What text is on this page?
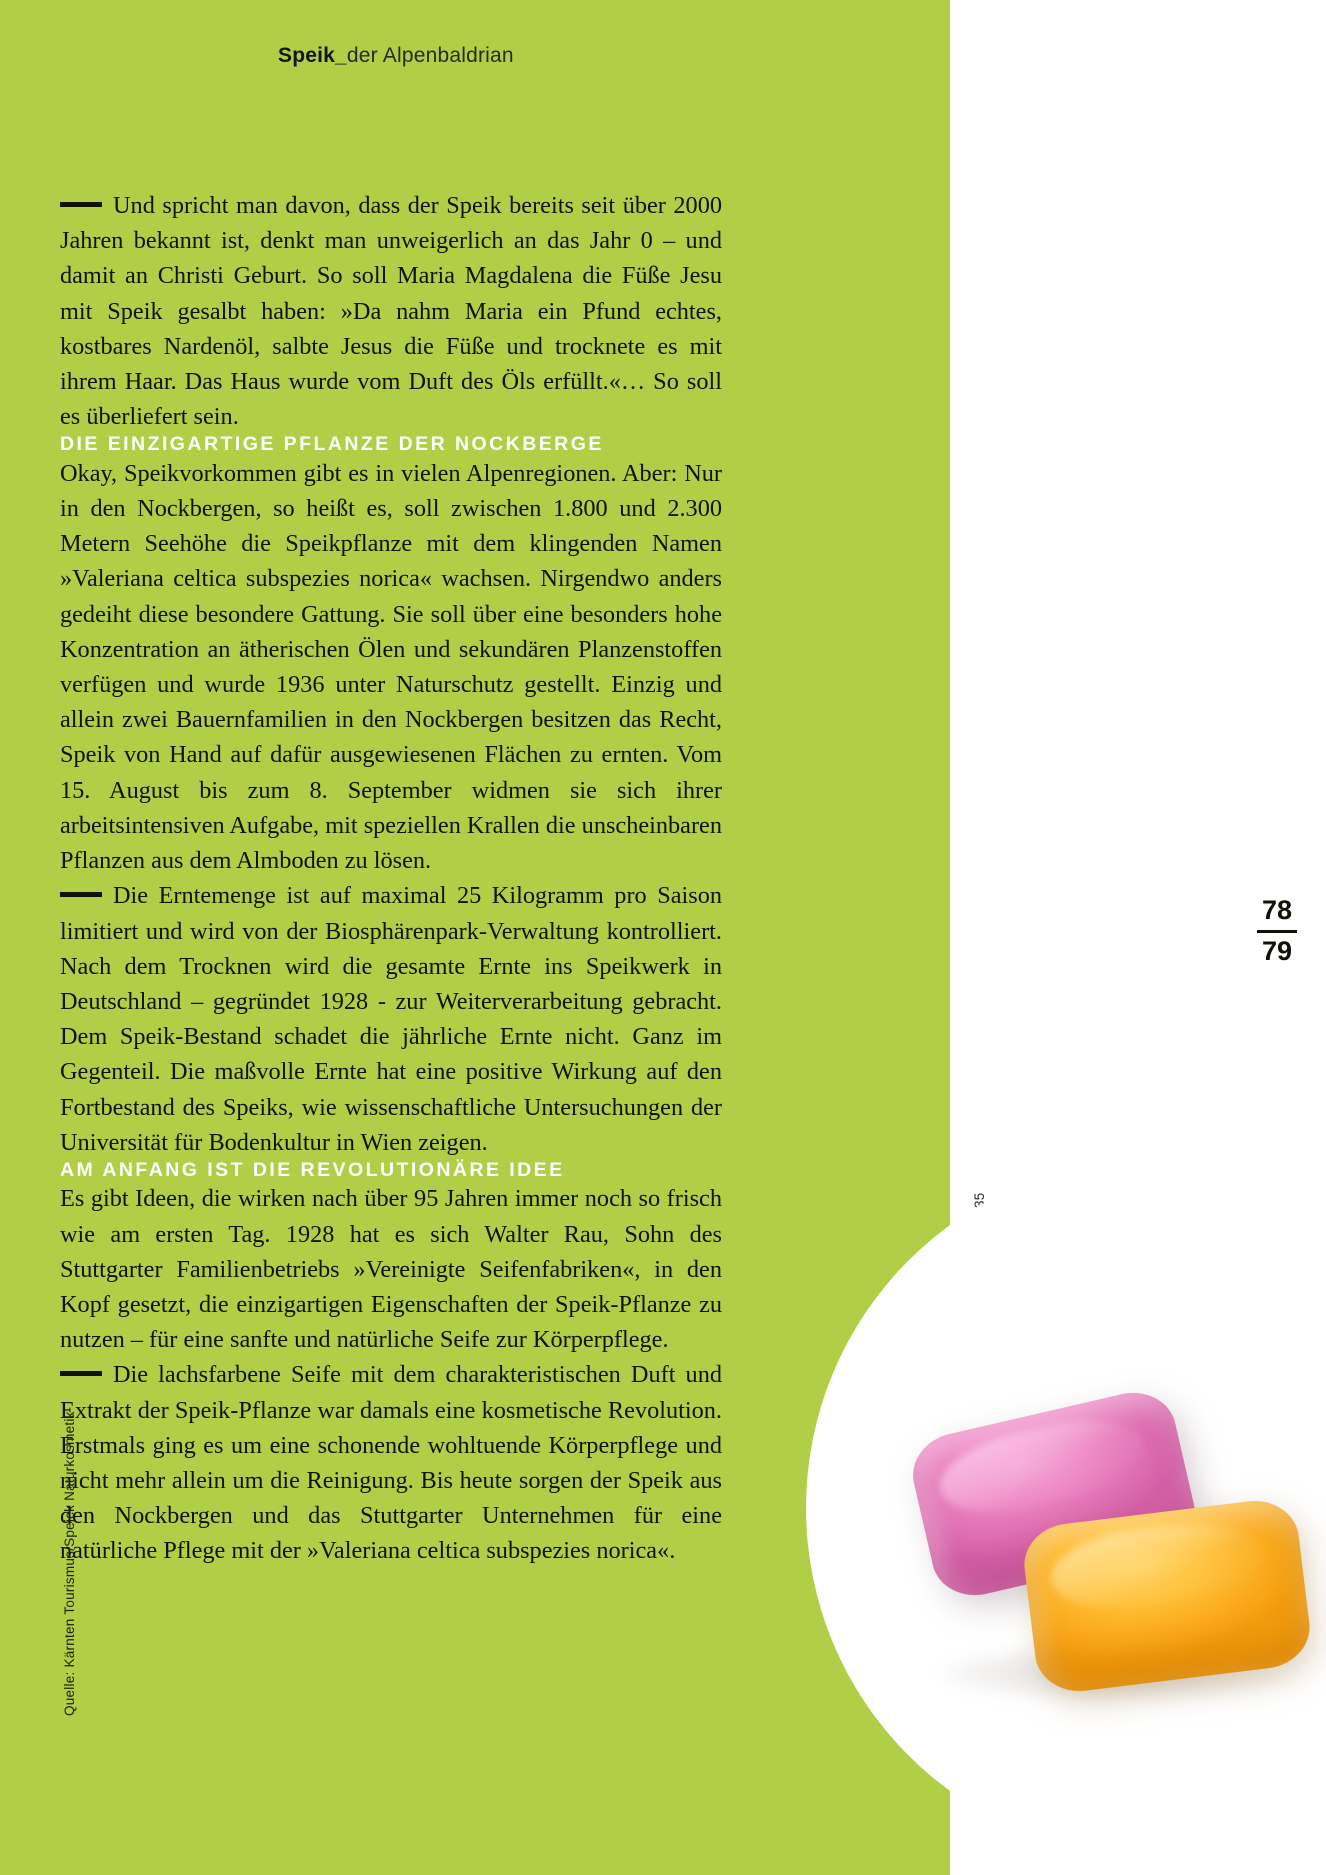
Speik_der Alpenbaldrian

Und spricht man davon, dass der Speik bereits seit über 2000 Jahren bekannt ist, denkt man unweigerlich an das Jahr 0 – und damit an Christi Geburt. So soll Maria Magdalena die Füße Jesu mit Speik gesalbt haben: »Da nahm Maria ein Pfund echtes, kostbares Nardenöl, salbte Jesus die Füße und trocknete es mit ihrem Haar. Das Haus wurde vom Duft des Öls erfüllt.«… So soll es überliefert sein.

DIE EINZIGARTIGE PFLANZE DER NOCKBERGE

Okay, Speikvorkommen gibt es in vielen Alpenregionen. Aber: Nur in den Nockbergen, so heißt es, soll zwischen 1.800 und 2.300 Metern Seehöhe die Speikpflanze mit dem klingenden Namen »Valeriana celtica subspezies norica« wachsen. Nirgendwo anders gedeiht diese besondere Gattung. Sie soll über eine besonders hohe Konzentration an ätherischen Ölen und sekundären Planzenstoffen verfügen und wurde 1936 unter Naturschutz gestellt. Einzig und allein zwei Bauernfamilien in den Nockbergen besitzen das Recht, Speik von Hand auf dafür ausgewiesenen Flächen zu ernten. Vom 15. August bis zum 8. September widmen sie sich ihrer arbeitsintensiven Aufgabe, mit speziellen Krallen die unscheinbaren Pflanzen aus dem Almboden zu lösen.

Die Erntemenge ist auf maximal 25 Kilogramm pro Saison limitiert und wird von der Biosphärenpark-Verwaltung kontrolliert. Nach dem Trocknen wird die gesamte Ernte ins Speikwerk in Deutschland – gegründet 1928 - zur Weiterverarbeitung gebracht. Dem Speik-Bestand schadet die jährliche Ernte nicht. Ganz im Gegenteil. Die maßvolle Ernte hat eine positive Wirkung auf den Fortbestand des Speiks, wie wissenschaftliche Untersuchungen der Universität für Bodenkultur in Wien zeigen.

AM ANFANG IST DIE REVOLUTIONÄRE IDEE

Es gibt Ideen, die wirken nach über 95 Jahren immer noch so frisch wie am ersten Tag. 1928 hat es sich Walter Rau, Sohn des Stuttgarter Familienbetriebs »Vereinigte Seifenfabriken«, in den Kopf gesetzt, die einzigartigen Eigenschaften der Speik-Pflanze zu nutzen – für eine sanfte und natürliche Seife zur Körperpflege.

Die lachsfarbene Seife mit dem charakteristischen Duft und Extrakt der Speik-Pflanze war damals eine kosmetische Revolution. Erstmals ging es um eine schonende wohltuende Körperpflege und nicht mehr allein um die Reinigung. Bis heute sorgen der Speik aus den Nockbergen und das Stuttgarter Unternehmen für eine natürliche Pflege mit der »Valeriana celtica subspezies norica«.

78
79
Quelle: Kärnten Tourismus/Speick Naturkosmetik
